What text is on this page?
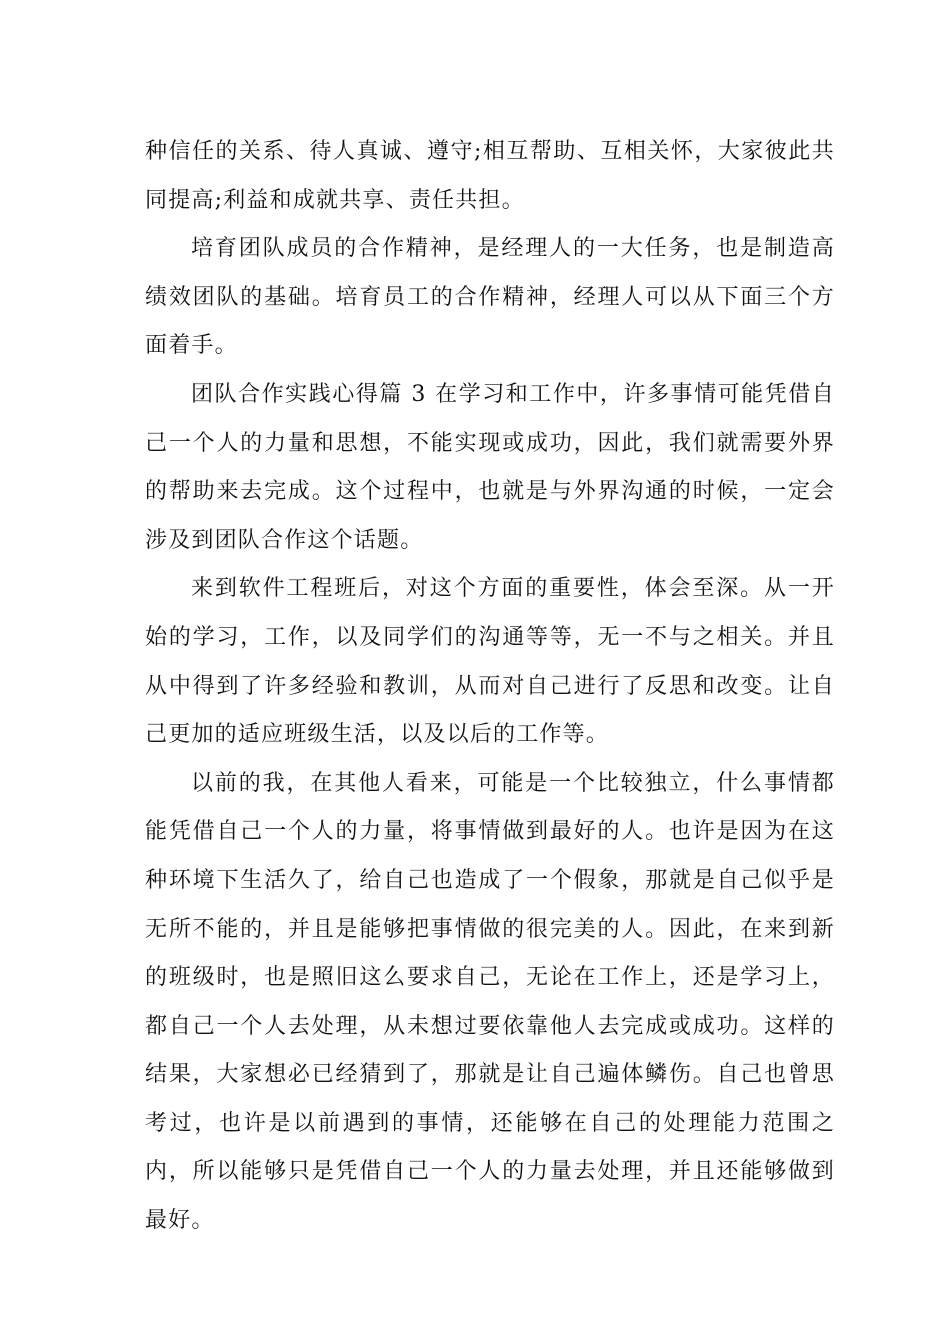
种信任的关系、待人真诚、遵守;相互帮助、互相关怀，大家彼此共同提高;利益和成就共享、责任共担。

培育团队成员的合作精神，是经理人的一大任务，也是制造高绩效团队的基础。培育员工的合作精神，经理人可以从下面三个方面着手。

团队合作实践心得篇 3 在学习和工作中，许多事情可能凭借自己一个人的力量和思想，不能实现或成功，因此，我们就需要外界的帮助来去完成。这个过程中，也就是与外界沟通的时候，一定会涉及到团队合作这个话题。

来到软件工程班后，对这个方面的重要性，体会至深。从一开始的学习，工作，以及同学们的沟通等等，无一不与之相关。并且从中得到了许多经验和教训，从而对自己进行了反思和改变。让自己更加的适应班级生活，以及以后的工作等。

以前的我，在其他人看来，可能是一个比较独立，什么事情都能凭借自己一个人的力量，将事情做到最好的人。也许是因为在这种环境下生活久了，给自己也造成了一个假象，那就是自己似乎是无所不能的，并且是能够把事情做的很完美的人。因此，在来到新的班级时，也是照旧这么要求自己，无论在工作上，还是学习上，都自己一个人去处理，从未想过要依靠他人去完成或成功。这样的结果，大家想必已经猜到了，那就是让自己遍体鳞伤。自己也曾思考过，也许是以前遇到的事情，还能够在自己的处理能力范围之内，所以能够只是凭借自己一个人的力量去处理，并且还能够做到最好。
